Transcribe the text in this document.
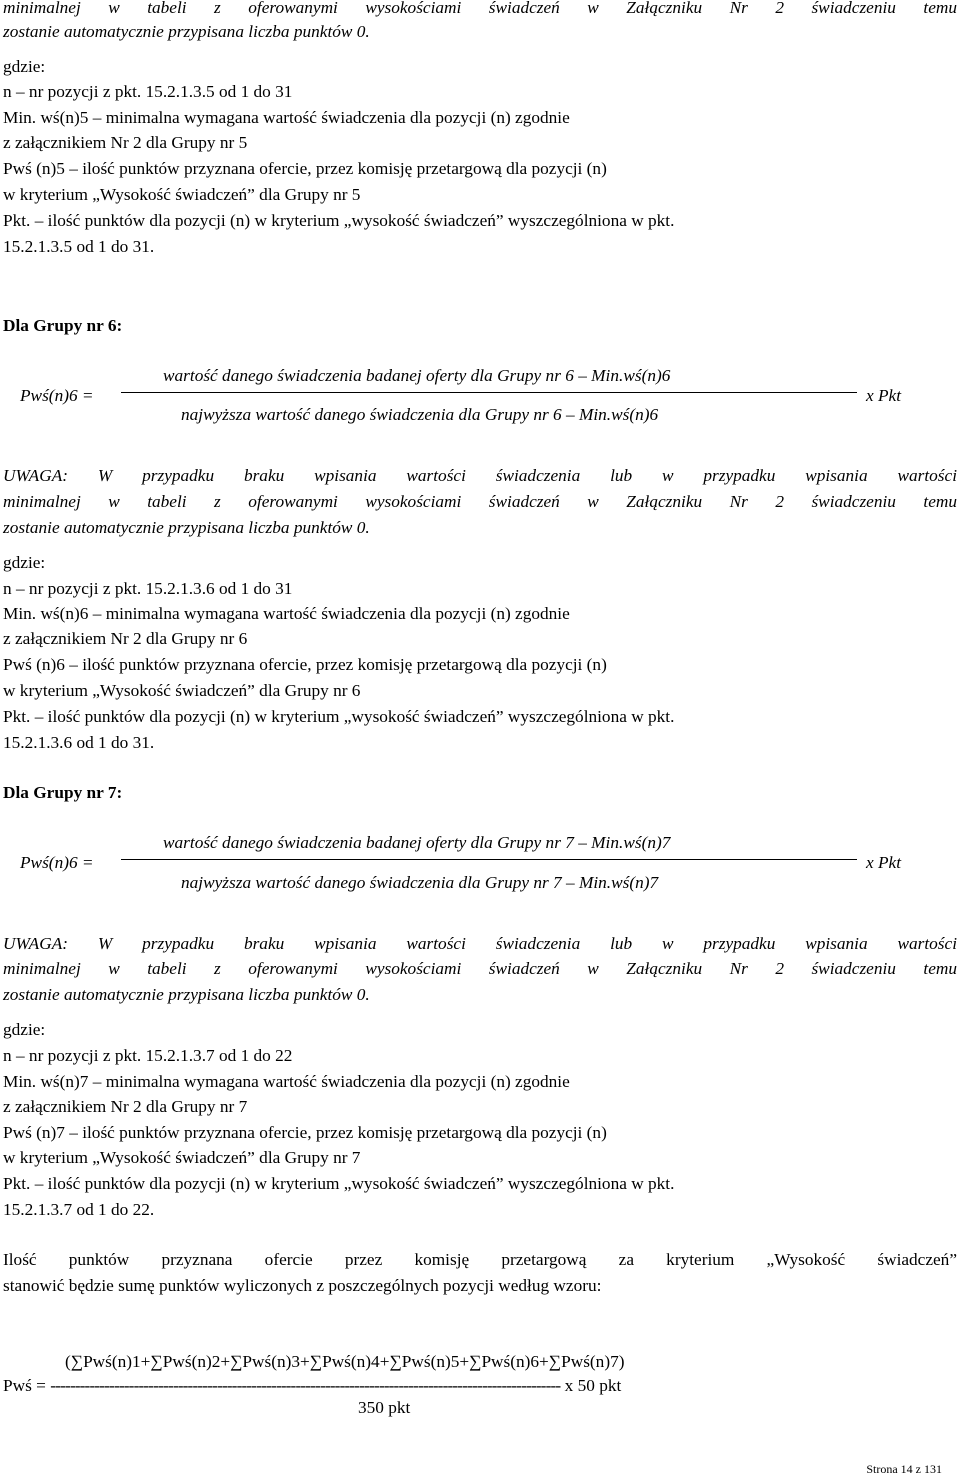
minimalnej w tabeli z oferowanymi wysokościami świadczeń w Załączniku Nr 2 świadczeniu temu
zostanie automatycznie przypisana liczba punktów 0.
gdzie:
n – nr pozycji z pkt. 15.2.1.3.5 od 1 do 31
Min. wś(n)5 – minimalna wymagana wartość świadczenia dla pozycji (n) zgodnie
z załącznikiem Nr 2 dla Grupy nr 5
Pwś (n)5 – ilość punktów przyznana ofercie, przez komisję przetargową dla pozycji (n)
w kryterium „Wysokość świadczeń” dla Grupy nr 5
Pkt. – ilość punktów dla pozycji (n) w kryterium „wysokość świadczeń” wyszczególniona w pkt.
15.2.1.3.5 od 1 do 31.
Dla Grupy nr 6:
Pwś(n)6 =
wartość danego świadczenia badanej oferty dla Grupy nr 6 – Min.wś(n)6
najwyższa wartość danego świadczenia dla Grupy nr 6 – Min.wś(n)6
x Pkt
UWAGA: W przypadku braku wpisania wartości świadczenia lub w przypadku wpisania wartości
minimalnej w tabeli z oferowanymi wysokościami świadczeń w Załączniku Nr 2 świadczeniu temu
zostanie automatycznie przypisana liczba punktów 0.
gdzie:
n – nr pozycji z pkt. 15.2.1.3.6 od 1 do 31
Min. wś(n)6 – minimalna wymagana wartość świadczenia dla pozycji (n) zgodnie
z załącznikiem Nr 2 dla Grupy nr 6
Pwś (n)6 – ilość punktów przyznana ofercie, przez komisję przetargową dla pozycji (n)
w kryterium „Wysokość świadczeń” dla Grupy nr 6
Pkt. – ilość punktów dla pozycji (n) w kryterium „wysokość świadczeń” wyszczególniona w pkt.
15.2.1.3.6 od 1 do 31.
Dla Grupy nr 7:
Pwś(n)6 =
wartość danego świadczenia badanej oferty dla Grupy nr 7 – Min.wś(n)7
najwyższa wartość danego świadczenia dla Grupy nr 7 – Min.wś(n)7
x Pkt
UWAGA: W przypadku braku wpisania wartości świadczenia lub w przypadku wpisania wartości
minimalnej w tabeli z oferowanymi wysokościami świadczeń w Załączniku Nr 2 świadczeniu temu
zostanie automatycznie przypisana liczba punktów 0.
gdzie:
n – nr pozycji z pkt. 15.2.1.3.7 od 1 do 22
Min. wś(n)7 – minimalna wymagana wartość świadczenia dla pozycji (n) zgodnie
z załącznikiem Nr 2 dla Grupy nr 7
Pwś (n)7 – ilość punktów przyznana ofercie, przez komisję przetargową dla pozycji (n)
w kryterium „Wysokość świadczeń” dla Grupy nr 7
Pkt. – ilość punktów dla pozycji (n) w kryterium „wysokość świadczeń” wyszczególniona w pkt.
15.2.1.3.7 od 1 do 22.
Ilość punktów przyznana ofercie przez komisję przetargową za kryterium „Wysokość świadczeń”
stanowić będzie sumę punktów wyliczonych z poszczególnych pozycji według wzoru:
(∑Pwś(n)1+∑Pwś(n)2+∑Pwś(n)3+∑Pwś(n)4+∑Pwś(n)5+∑Pwś(n)6+∑Pwś(n)7)
Pwś = -------------------------------------------------------------------------------------------------------- x 50 pkt
350 pkt
Strona 14 z 131
